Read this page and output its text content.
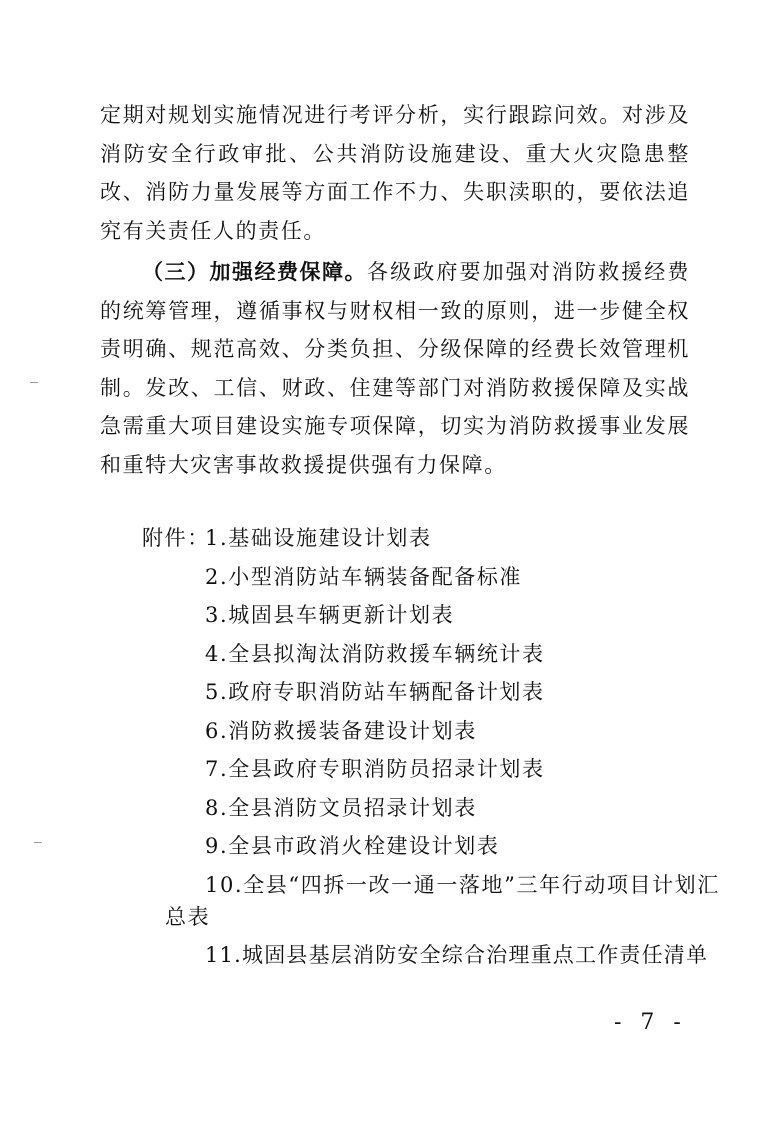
定期对规划实施情况进行考评分析，实行跟踪问效。对涉及消防安全行政审批、公共消防设施建设、重大火灾隐患整改、消防力量发展等方面工作不力、失职渎职的，要依法追究有关责任人的责任。

（三）加强经费保障。各级政府要加强对消防救援经费的统筹管理，遵循事权与财权相一致的原则，进一步健全权责明确、规范高效、分类负担、分级保障的经费长效管理机制。发改、工信、财政、住建等部门对消防救援保障及实战急需重大项目建设实施专项保障，切实为消防救援事业发展和重特大灾害事故救援提供强有力保障。

附件：
1.基础设施建设计划表
2.小型消防站车辆装备配备标准
3.城固县车辆更新计划表
4.全县拟淘汰消防救援车辆统计表
5.政府专职消防站车辆配备计划表
6.消防救援装备建设计划表
7.全县政府专职消防员招录计划表
8.全县消防文员招录计划表
9.全县市政消火栓建设计划表
10.全县“四拆一改一通一落地”三年行动项目计划汇
总表
11.城固县基层消防安全综合治理重点工作责任清单
- 7 -
